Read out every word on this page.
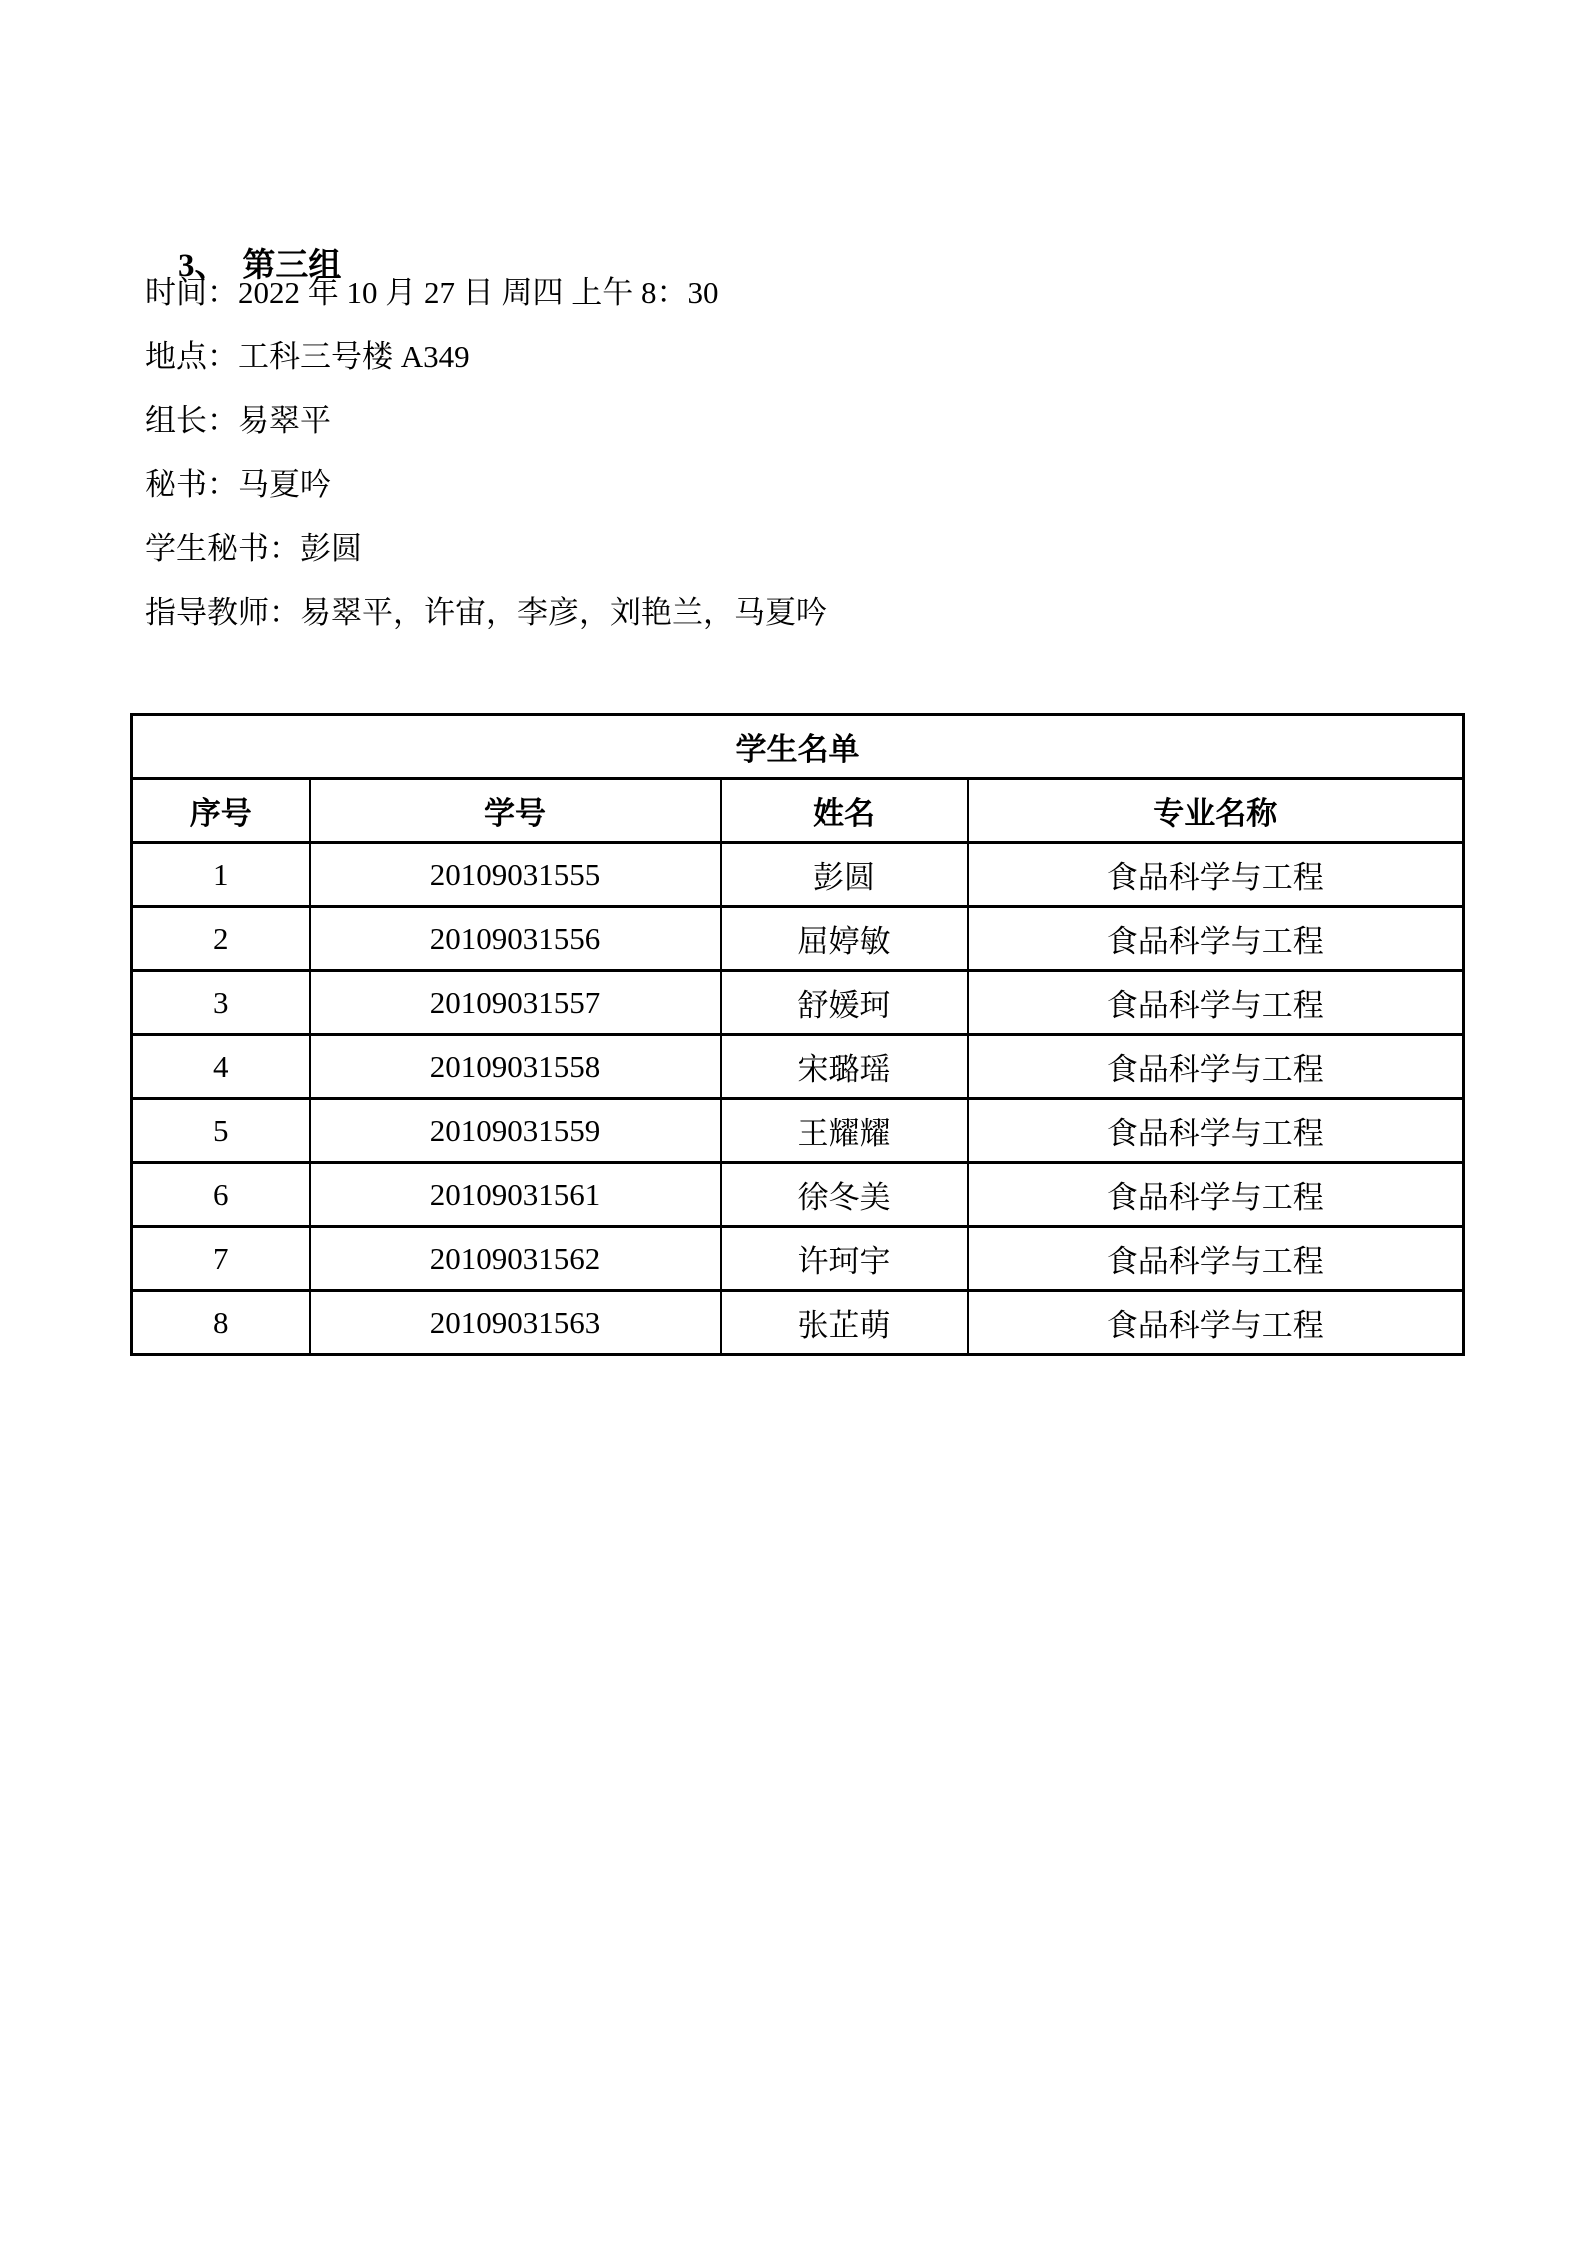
3、 第三组

时间：2022 年 10 月 27 日 周四 上午 8：30
地点：工科三号楼 A349
组长：易翠平
秘书：马夏吟
学生秘书：彭圆
指导教师：易翠平，许宙，李彦，刘艳兰，马夏吟
学生名单			
序号	学号	姓名	专业名称
1	20109031555	彭圆	食品科学与工程
2	20109031556	屈婷敏	食品科学与工程
3	20109031557	舒媛珂	食品科学与工程
4	20109031558	宋璐瑶	食品科学与工程
5	20109031559	王耀耀	食品科学与工程
6	20109031561	徐冬美	食品科学与工程
7	20109031562	许珂宇	食品科学与工程
8	20109031563	张芷萌	食品科学与工程
